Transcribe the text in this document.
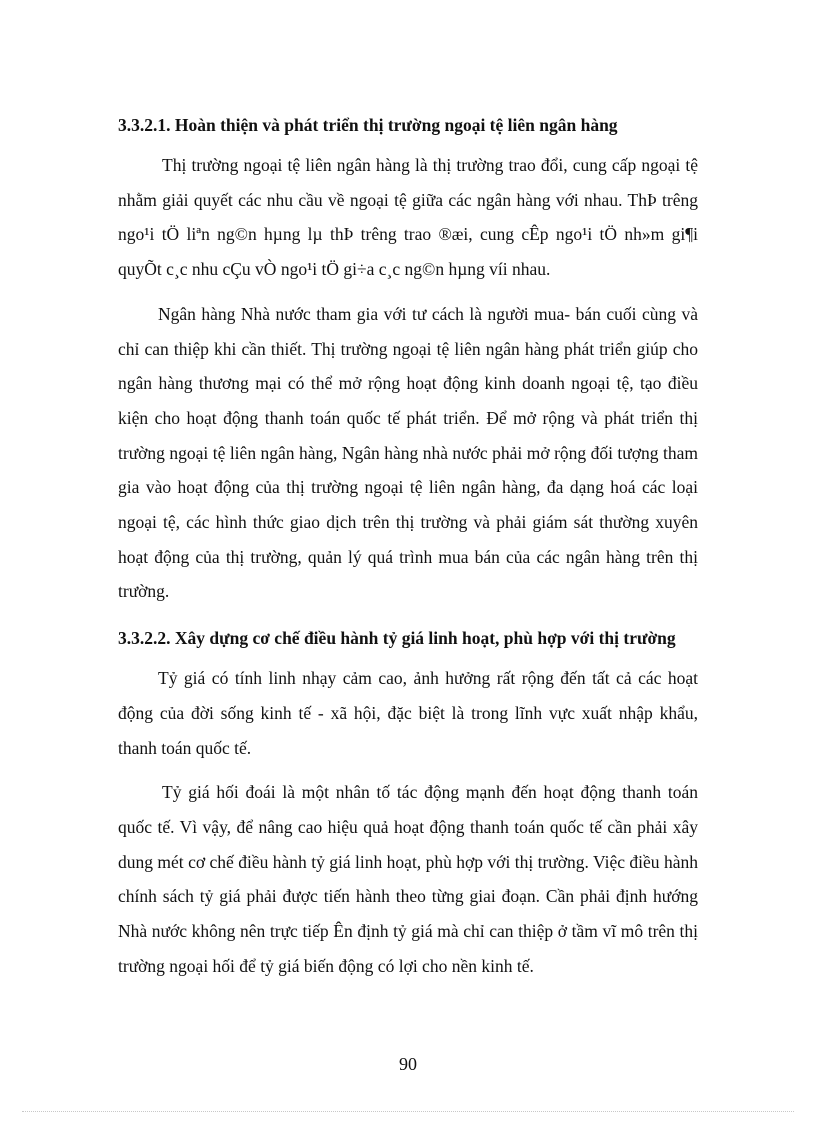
3.3.2.1. Hoàn thiện và phát triển thị trường ngoại tệ liên ngân hàng

Thị trường ngoại tệ liên ngân hàng là thị trường trao đổi, cung cấp ngoại tệ nhằm giải quyết các nhu cầu về ngoại tệ giữa các ngân hàng với nhau. ThÞ trêng ngo¹i tÖ liªn ng©n hµng lµ thÞ trêng trao ®æi, cung cÊp ngo¹i tÖ nh»m gi¶i quyÕt c¸c nhu cÇu vÒ ngo¹i tÖ gi÷a c¸c ng©n hµng víi nhau.

Ngân hàng Nhà nước tham gia với tư cách là người mua- bán cuối cùng và chỉ can thiệp khi cần thiết. Thị trường ngoại tệ liên ngân hàng phát triển giúp cho ngân hàng thương mại có thể mở rộng hoạt động kinh doanh ngoại tệ, tạo điều kiện cho hoạt động thanh toán quốc tế phát triển. Để mở rộng và phát triển thị trường ngoại tệ liên ngân hàng, Ngân hàng nhà nước phải mở rộng đối tượng tham gia vào hoạt động của thị trường ngoại tệ liên ngân hàng, đa dạng hoá các loại ngoại tệ, các hình thức giao dịch trên thị trường và phải giám sát thường xuyên hoạt động của thị trường, quản lý quá trình mua bán của các ngân hàng trên thị trường.

3.3.2.2. Xây dựng cơ chế điều hành tỷ giá linh hoạt, phù hợp với thị trường

Tỷ giá có tính linh nhạy cảm cao, ảnh hưởng rất rộng đến tất cả các hoạt động của đời sống kinh tế - xã hội, đặc biệt là trong lĩnh vực xuất nhập khẩu, thanh toán quốc tế.

Tỷ giá hối đoái là một nhân tố tác động mạnh đến hoạt động thanh toán quốc tế. Vì vậy, để nâng cao hiệu quả hoạt động thanh toán quốc tế cần phải xây dung mét cơ chế điều hành tỷ giá linh hoạt, phù hợp với thị trường. Việc điều hành chính sách tỷ giá phải được tiến hành theo từng giai đoạn. Cần phải định hướng Nhà nước không nên trực tiếp Ên định tỷ giá mà chỉ can thiệp ở tầm vĩ mô trên thị trường ngoại hối để tỷ giá biến động có lợi cho nền kinh tế.

90
